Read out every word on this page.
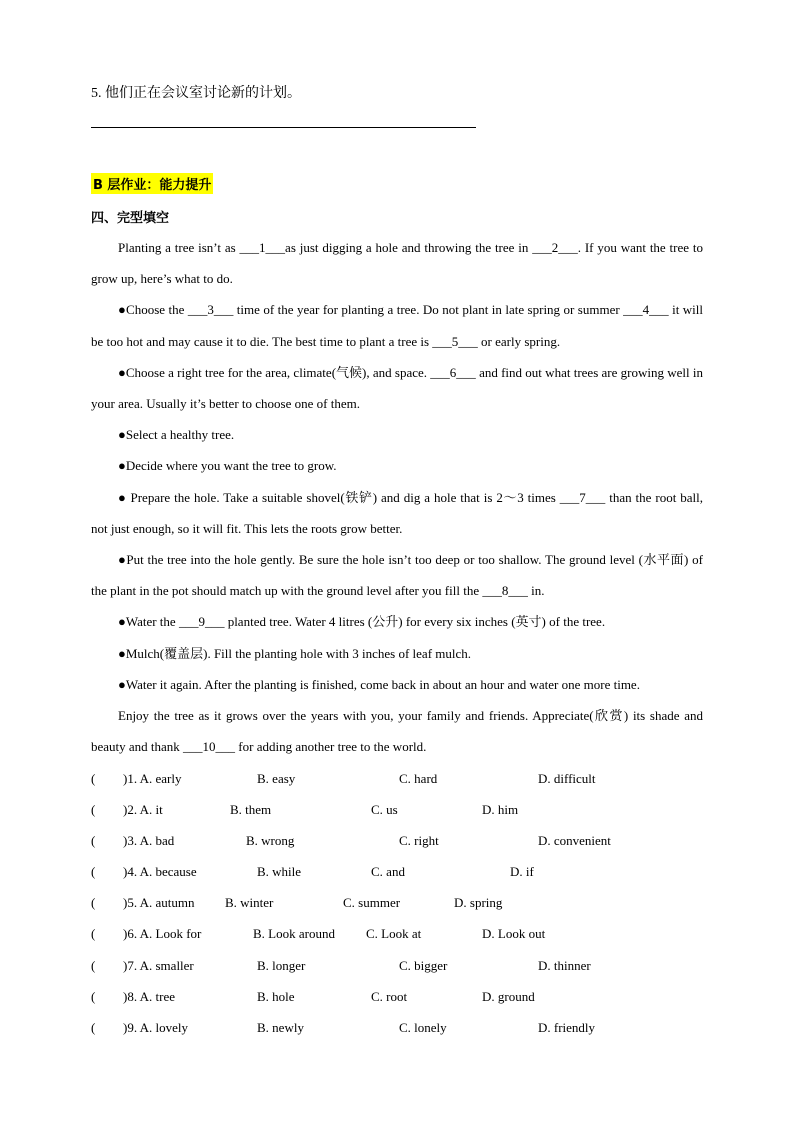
5. 他们正在会议室讨论新的计划。
B 层作业：能力提升
四、完型填空

Planting a tree isn’t as ___1___as just digging a hole and throwing the tree in ___2___. If you want the tree to grow up, here’s what to do.

●Choose the ___3___ time of the year for planting a tree. Do not plant in late spring or summer ___4___ it will be too hot and may cause it to die. The best time to plant a tree is ___5___ or early spring.

●Choose a right tree for the area, climate(气候), and space. ___6___ and find out what trees are growing well in your area. Usually it’s better to choose one of them.

●Select a healthy tree.

●Decide where you want the tree to grow.

● Prepare the hole. Take a suitable shovel(铁铲) and dig a hole that is 2～3 times ___7___ than the root ball, not just enough, so it will fit. This lets the roots grow better.

●Put the tree into the hole gently. Be sure the hole isn’t too deep or too shallow. The ground level (水平面) of the plant in the pot should match up with the ground level after you fill the ___8___ in.

●Water the ___9___ planted tree. Water 4 litres (公升) for every six inches (英寸) of the tree.

●Mulch(覆盖层). Fill the planting hole with 3 inches of leaf mulch.

●Water it again. After the planting is finished, come back in about an hour and water one more time.

Enjoy the tree as it grows over the years with you, your family and friends. Appreciate(欣赏) its shade and beauty and thank ___10___ for adding another tree to the world.

( )1. A. early	B. easy	C. hard	D. difficult
( )2. A. it	B. them	C. us	D. him
( )3. A. bad	B. wrong	C. right	D. convenient
( )4. A. because	B. while	C. and	D. if
( )5. A. autumn B. winter	C. summer	D. spring
( )6. A. Look for	B. Look around C. Look at	D. Look out
( )7. A. smaller	B. longer	C. bigger	D. thinner
( )8. A. tree	B. hole	C. root	D. ground
( )9. A. lovely	B. newly	C. lonely	D. friendly
